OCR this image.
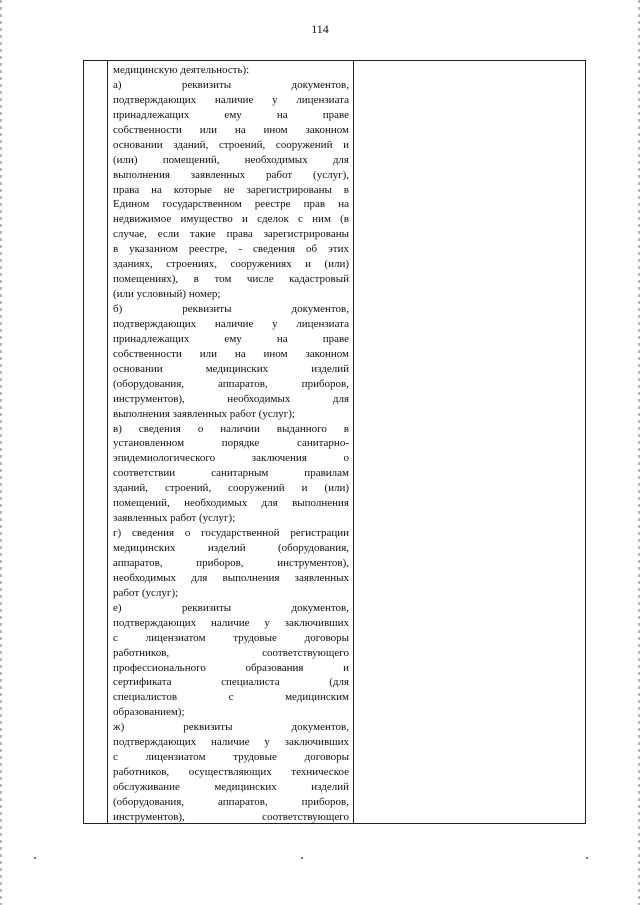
114
медицинскую деятельность):
а) реквизиты документов,
подтверждающих наличие у лицензиата
принадлежащих ему на праве
собственности или на ином законном
основании зданий, строений, сооружений и
(или) помещений, необходимых для
выполнения заявленных работ (услуг),
права на которые не зарегистрированы в
Едином государственном реестре прав на
недвижимое имущество и сделок с ним (в
случае, если такие права зарегистрированы
в указанном реестре, - сведения об этих
зданиях, строениях, сооружениях и (или)
помещениях), в том числе кадастровый
(или условный) номер;
б) реквизиты документов,
подтверждающих наличие у лицензиата
принадлежащих ему на праве
собственности или на ином законном
основании медицинских изделий
(оборудования, аппаратов, приборов,
инструментов), необходимых для
выполнения заявленных работ (услуг);
в) сведения о наличии выданного в
установленном порядке санитарно-
эпидемиологического заключения о
соответствии санитарным правилам
зданий, строений, сооружений и (или)
помещений, необходимых для выполнения
заявленных работ (услуг);
г) сведения о государственной регистрации
медицинских изделий (оборудования,
аппаратов, приборов, инструментов),
необходимых для выполнения заявленных
работ (услуг);
е) реквизиты документов,
подтверждающих наличие у заключивших
с лицензиатом трудовые договоры
работников, соответствующего
профессионального образования и
сертификата специалиста (для
специалистов с медицинским
образованием);
ж) реквизиты документов,
подтверждающих наличие у заключивших
с лицензиатом трудовые договоры
работников, осуществляющих техническое
обслуживание медицинских изделий
(оборудования, аппаратов, приборов,
инструментов), соответствующего
